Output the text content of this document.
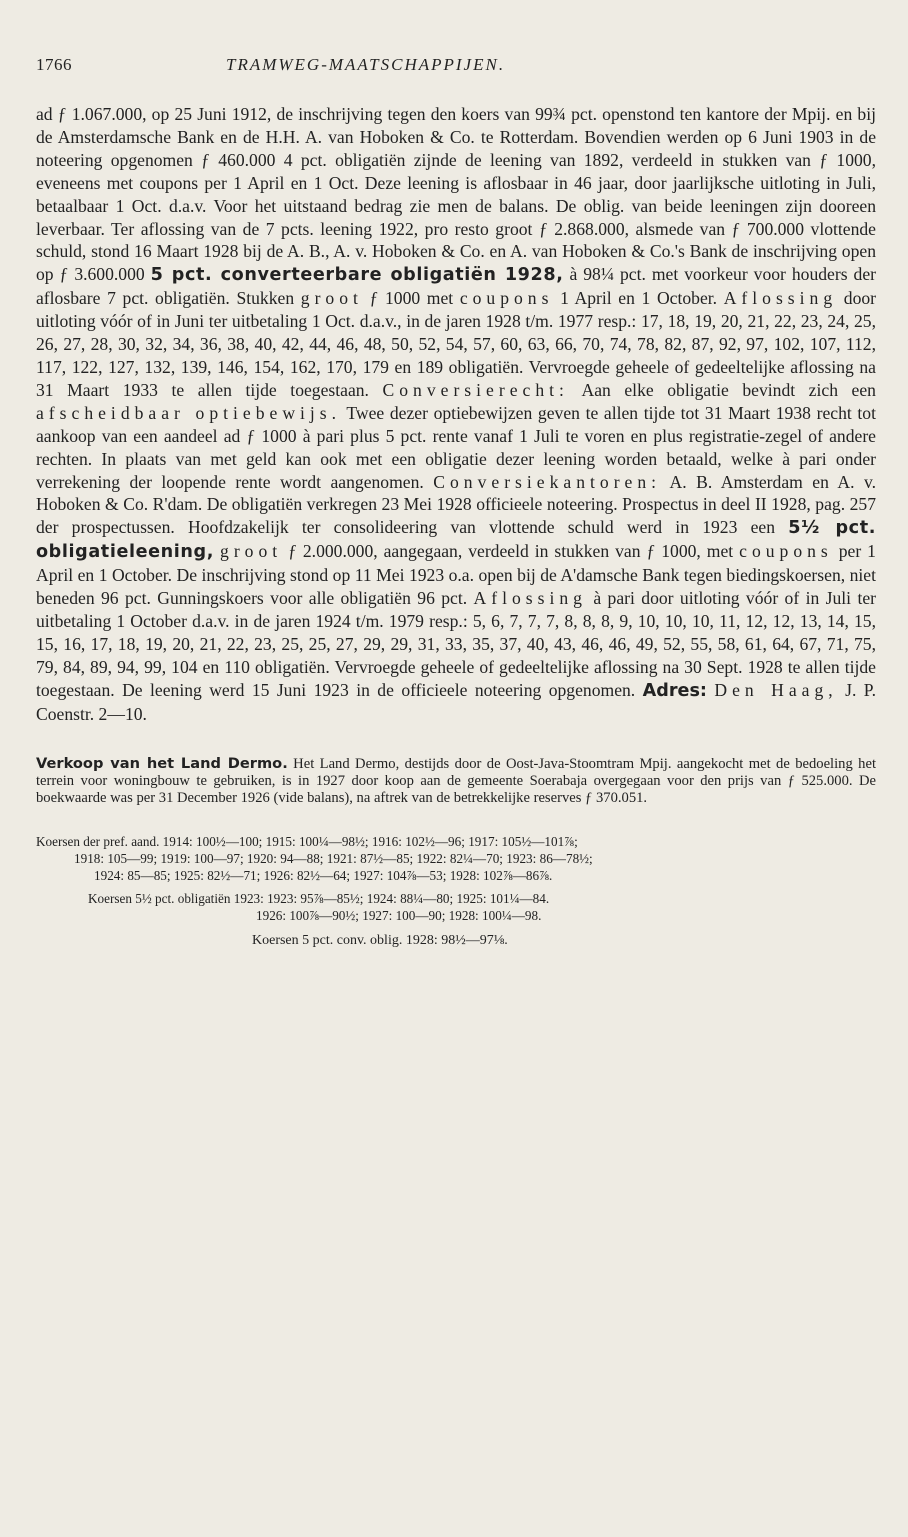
1766	TRAMWEG-MAATSCHAPPIJEN.

ad ƒ 1.067.000, op 25 Juni 1912, de inschrijving tegen den koers van 99¾ pct. openstond ten kantore der Mpij. en bij de Amsterdamsche Bank en de H.H. A. van Hoboken & Co. te Rotterdam. Bovendien werden op 6 Juni 1903 in de noteering opgenomen ƒ 460.000 4 pct. obligatiën zijnde de leening van 1892, verdeeld in stukken van ƒ 1000, eveneens met coupons per 1 April en 1 Oct. Deze leening is aflosbaar in 46 jaar, door jaarlijksche uitloting in Juli, betaalbaar 1 Oct. d.a.v. Voor het uitstaand bedrag zie men de balans. De oblig. van beide leeningen zijn dooreen leverbaar. Ter aflossing van de 7 pcts. leening 1922, pro resto groot ƒ 2.868.000, alsmede van ƒ 700.000 vlottende schuld, stond 16 Maart 1928 bij de A. B., A. v. Hoboken & Co. en A. van Hoboken & Co.'s Bank de inschrijving open op ƒ 3.600.000 5 pct. converteerbare obligatiën 1928, à 98¼ pct. met voorkeur voor houders der aflosbare 7 pct. obligatiën. Stukken groot ƒ 1000 met coupons 1 April en 1 October. Aflossing door uitloting vóór of in Juni ter uitbetaling 1 Oct. d.a.v., in de jaren 1928 t/m. 1977 resp.: 17, 18, 19, 20, 21, 22, 23, 24, 25, 26, 27, 28, 30, 32, 34, 36, 38, 40, 42, 44, 46, 48, 50, 52, 54, 57, 60, 63, 66, 70, 74, 78, 82, 87, 92, 97, 102, 107, 112, 117, 122, 127, 132, 139, 146, 154, 162, 170, 179 en 189 obligatiën. Vervroegde geheele of gedeeltelijke aflossing na 31 Maart 1933 te allen tijde toegestaan. Conversierecht: Aan elke obligatie bevindt zich een afscheidbaar optiebewijs. Twee dezer optiebewijzen geven te allen tijde tot 31 Maart 1938 recht tot aankoop van een aandeel ad ƒ 1000 à pari plus 5 pct. rente vanaf 1 Juli te voren en plus registratie-zegel of andere rechten. In plaats van met geld kan ook met een obligatie dezer leening worden betaald, welke à pari onder verrekening der loopende rente wordt aangenomen. Conversiekantoren: A. B. Amsterdam en A. v. Hoboken & Co. R'dam. De obligatiën verkregen 23 Mei 1928 officieele noteering. Prospectus in deel II 1928, pag. 257 der prospectussen. Hoofdzakelijk ter consolideering van vlottende schuld werd in 1923 een 5½ pct. obligatieleening, groot ƒ 2.000.000, aangegaan, verdeeld in stukken van ƒ 1000, met coupons per 1 April en 1 October. De inschrijving stond op 11 Mei 1923 o.a. open bij de A'damsche Bank tegen biedingskoersen, niet beneden 96 pct. Gunningskoers voor alle obligatiën 96 pct. Aflossing à pari door uitloting vóór of in Juli ter uitbetaling 1 October d.a.v. in de jaren 1924 t/m. 1979 resp.: 5, 6, 7, 7, 7, 8, 8, 8, 9, 10, 10, 10, 11, 12, 12, 13, 14, 15, 15, 16, 17, 18, 19, 20, 21, 22, 23, 25, 25, 27, 29, 29, 31, 33, 35, 37, 40, 43, 46, 46, 49, 52, 55, 58, 61, 64, 67, 71, 75, 79, 84, 89, 94, 99, 104 en 110 obligatiën. Vervroegde geheele of gedeeltelijke aflossing na 30 Sept. 1928 te allen tijde toegestaan. De leening werd 15 Juni 1923 in de officieele noteering opgenomen. Adres: Den Haag, J. P. Coenstr. 2—10.

Verkoop van het Land Dermo. Het Land Dermo, destijds door de Oost-Java-Stoomtram Mpij. aangekocht met de bedoeling het terrein voor woningbouw te gebruiken, is in 1927 door koop aan de gemeente Soerabaja overgegaan voor den prijs van ƒ 525.000. De boekwaarde was per 31 December 1926 (vide balans), na aftrek van de betrekkelijke reserves ƒ 370.051.

Koersen der pref. aand. 1914: 100½—100; 1915: 100¼—98½; 1916: 102½—96; 1917: 105½—101⅞;

1918: 105—99; 1919: 100—97; 1920: 94—88; 1921: 87½—85; 1922: 82¼—70; 1923: 86—78½;

1924: 85—85; 1925: 82½—71; 1926: 82½—64; 1927: 104⅞—53; 1928: 102⅞—86⅞.

Koersen 5½ pct. obligatiën 1923: 1923: 95⅞—85½; 1924: 88¼—80; 1925: 101¼—84.

1926: 100⅞—90½; 1927: 100—90; 1928: 100¼—98.

Koersen 5 pct. conv. oblig. 1928: 98½—97⅛.
